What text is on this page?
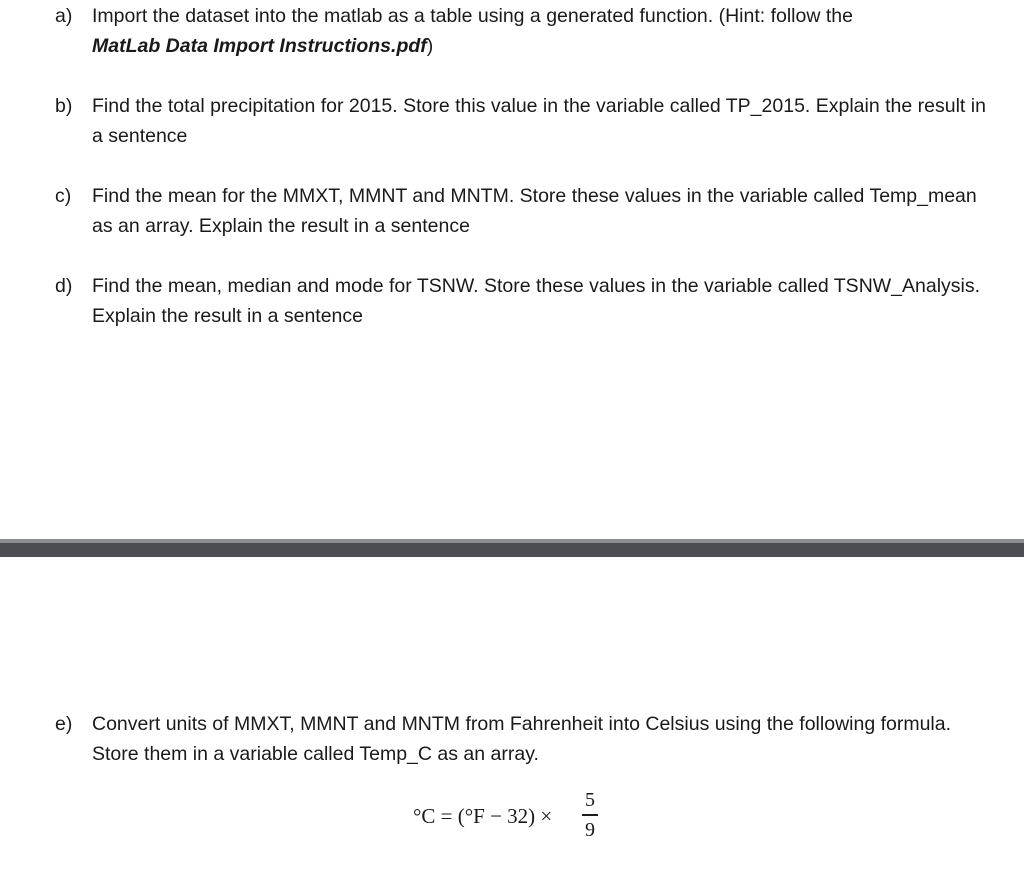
a)	Import the dataset into the matlab as a table using a generated function. (Hint: follow the
MatLab Data Import Instructions.pdf)
b)	Find the total precipitation for 2015. Store this value in the variable called TP_2015. Explain the result in a sentence
c)	Find the mean for the MMXT, MMNT and MNTM. Store these values in the variable called Temp_mean as an array. Explain the result in a sentence
d)	Find the mean, median and mode for TSNW. Store these values in the variable called TSNW_Analysis. Explain the result in a sentence
e)	Convert units of MMXT, MMNT and MNTM from Fahrenheit into Celsius using the following formula. Store them in a variable called Temp_C as an array.
°C = (°F − 32) ×
5
9
